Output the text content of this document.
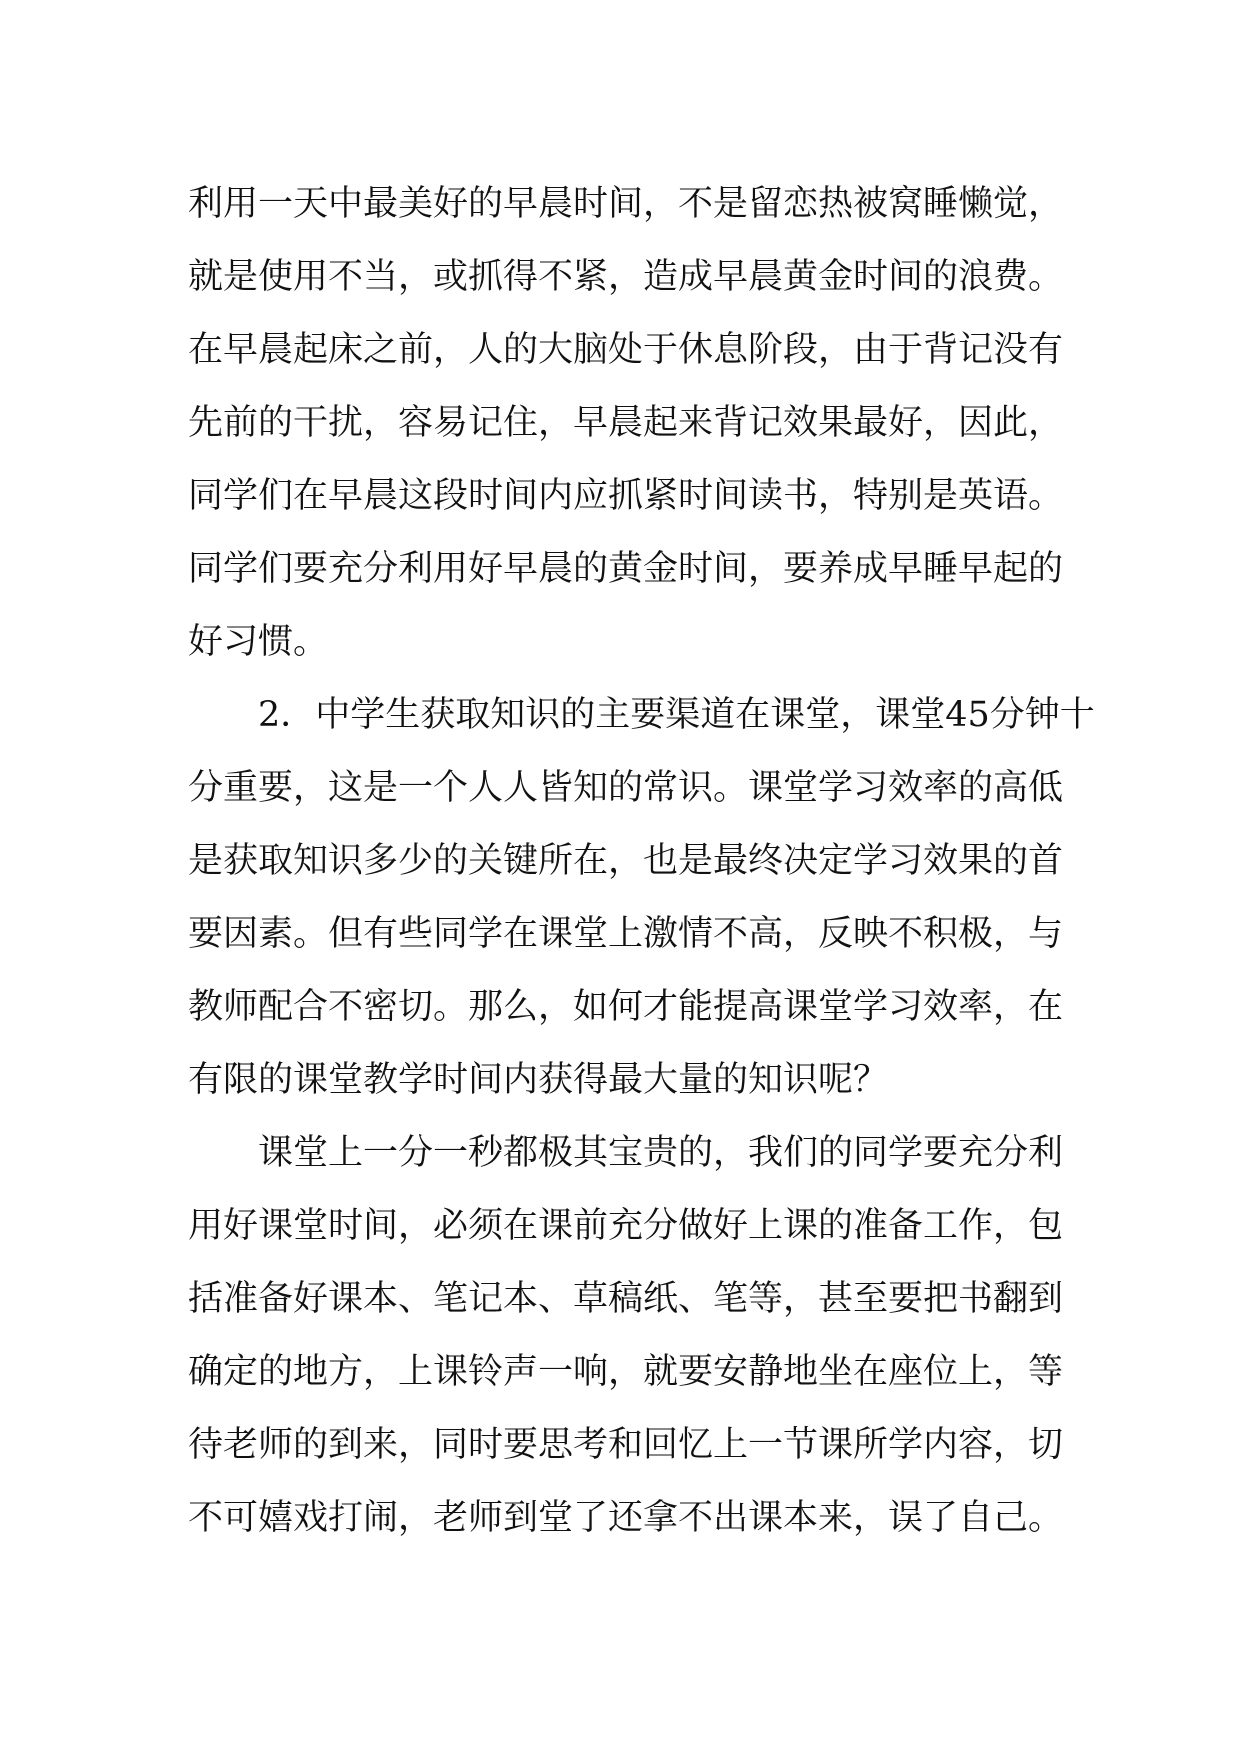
利用一天中最美好的早晨时间，不是留恋热被窝睡懒觉，
就是使用不当，或抓得不紧，造成早晨黄金时间的浪费。
在早晨起床之前，人的大脑处于休息阶段，由于背记没有
先前的干扰，容易记住，早晨起来背记效果最好，因此，
同学们在早晨这段时间内应抓紧时间读书，特别是英语。
同学们要充分利用好早晨的黄金时间，要养成早睡早起的
好习惯。
2．中学生获取知识的主要渠道在课堂，课堂45分钟十
分重要，这是一个人人皆知的常识。课堂学习效率的高低
是获取知识多少的关键所在，也是最终决定学习效果的首
要因素。但有些同学在课堂上激情不高，反映不积极，与
教师配合不密切。那么，如何才能提高课堂学习效率，在
有限的课堂教学时间内获得最大量的知识呢？
课堂上一分一秒都极其宝贵的，我们的同学要充分利
用好课堂时间，必须在课前充分做好上课的准备工作，包
括准备好课本、笔记本、草稿纸、笔等，甚至要把书翻到
确定的地方，上课铃声一响，就要安静地坐在座位上，等
待老师的到来，同时要思考和回忆上一节课所学内容，切
不可嬉戏打闹，老师到堂了还拿不出课本来，误了自己。
